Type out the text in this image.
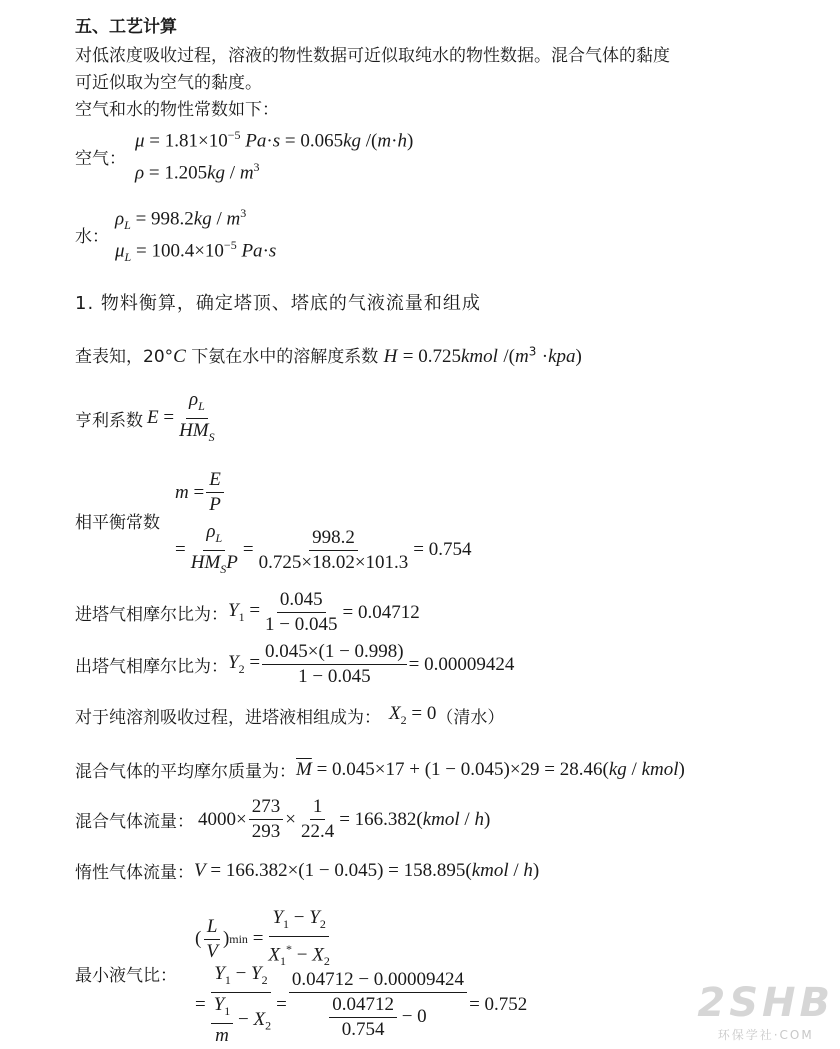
五、工艺计算
对低浓度吸收过程，溶液的物性数据可近似取纯水的物性数据。混合气体的黏度
可近似取为空气的黏度。
空气和水的物性常数如下：
空气：
$\mu = 1.81\times 10^{-5}$ Pa·s = 0.065kg /(m·h)
$\rho = 1.205kg / m^3$
水：
$\rho_L = 998.2kg / m^3$
$\mu_L = 100.4\times 10^{-5}$ Pa·s
1. 物料衡算，确定塔顶、塔底的气液流量和组成
查表知，20°C 下氨在水中的溶解度系数 H = 0.725kmol $/(m^3 \cdot kpa)$
亨利系数 $E = \frac{\rho_L}{HM_S}$
$m = \frac{E}{P}$
相平衡常数
= $\frac{\rho_L}{HM_SP} = \frac{998.2}{0.725\times 18.02\times 101.3} = 0.754$
进塔气相摩尔比为： $Y_1 = \frac{0.045}{1 - 0.045} = 0.04712$
出塔气相摩尔比为： $Y_2 = \frac{0.045\times(1 - 0.998)}{1 - 0.045} = 0.00009424$
对于纯溶剂吸收过程，进塔液相组成为： $X_2 = 0$ （清水）
混合气体的平均摩尔质量为： $\overline{M} = 0.045\times 17 + (1 - 0.045)\times 29 = 28.46(kg$ / kmol)
混合气体流量： $4000\times \frac{273}{293} \times \frac{1}{22.4}$ = 166.382(kmol / h)
惰性气体流量： V = 166.382×(1 − 0.045) = 158.895(kmol / h)
( $\frac{L}{V}$ ) $\min = \frac{Y_1 - Y_2}{X_1^* - X_2}$
最小液气比：
= $\frac{Y_1 - Y_2}{\frac{Y_1}{m} - X_2} = \frac{0.04712 - 0.00009424}{\frac{0.04712}{0.754} - 0} = 0.752$	2SHB
环保学社·COM
